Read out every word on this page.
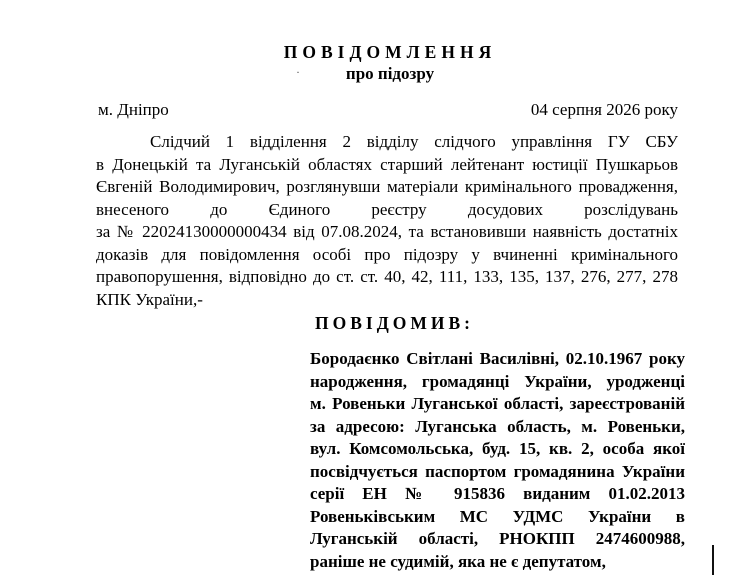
ПОВІДОМЛЕННЯ
·	про підозру
м. Дніпро	04 серпня 2026 року
Слідчий 1 відділення 2 відділу слідчого управління ГУ СБУ
в Донецькій та Луганській областях старший лейтенант юстиції Пушкарьов
Євгеній Володимирович, розглянувши матеріали кримінального провадження,
внесеного до Єдиного реєстру досудових розслідувань
за № 22024130000000434 від 07.08.2024, та встановивши наявність достатніх
доказів для повідомлення особі про підозру у вчиненні кримінального
правопорушення, відповідно до ст. ст. 40, 42, 111, 133, 135, 137, 276, 277, 278
КПК України,-
ПОВІДОМИВ:
Бородаєнко Світлані Василівні, 02.10.1967 року
народження, громадянці України, уродженці
м. Ровеньки Луганської області, зареєстрованій
за адресою: Луганська область, м. Ровеньки,
вул. Комсомольська, буд. 15, кв. 2, особа якої
посвідчується паспортом громадянина України
серії ЕН № 915836 виданим 01.02.2013
Ровеньківським МС УДМС України в
Луганській області, РНОКПП 2474600988,
раніше не судимій, яка не є депутатом,
